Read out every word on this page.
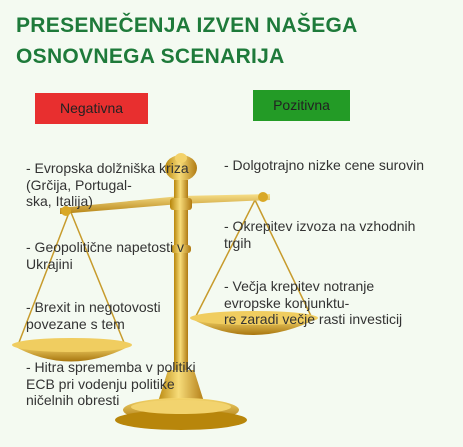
PRESENEČENJA IZVEN NAŠEGA OSNOVNEGA SCENARIJA
Negativna	Pozitivna
- Evropska dolžniška kriza (Grčija, Portugal-
ska, Italija)
- Geopolitične napetosti v Ukrajini
- Brexit in negotovosti povezane s tem
- Hitra sprememba v politiki ECB pri vodenju politike ničelnih obresti
- Dolgotrajno nizke cene surovin
- Okrepitev izvoza na vzhodnih trgih
- Večja krepitev notranje evropske konjunktu-
re zaradi večje rasti investicij
